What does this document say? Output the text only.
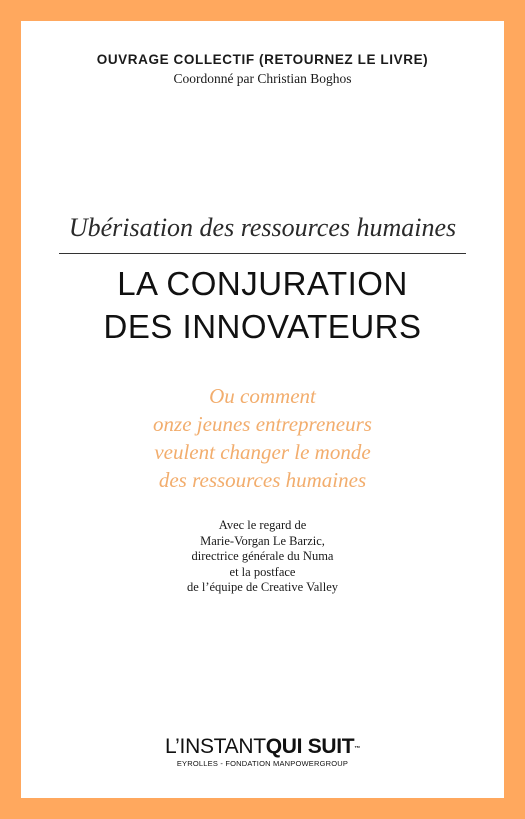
OUVRAGE COLLECTIF (RETOURNEZ LE LIVRE)
Coordonné par Christian Boghos
Ubérisation des ressources humaines
LA CONJURATION
DES INNOVATEURS
Ou comment
onze jeunes entrepreneurs
veulent changer le monde
des ressources humaines
Avec le regard de
Marie-Vorgan Le Barzic,
directrice générale du Numa
et la postface
de l’équipe de Creative Valley
L’INSTANTQUI SUIT™
EYROLLES - FONDATION MANPOWERGROUP
